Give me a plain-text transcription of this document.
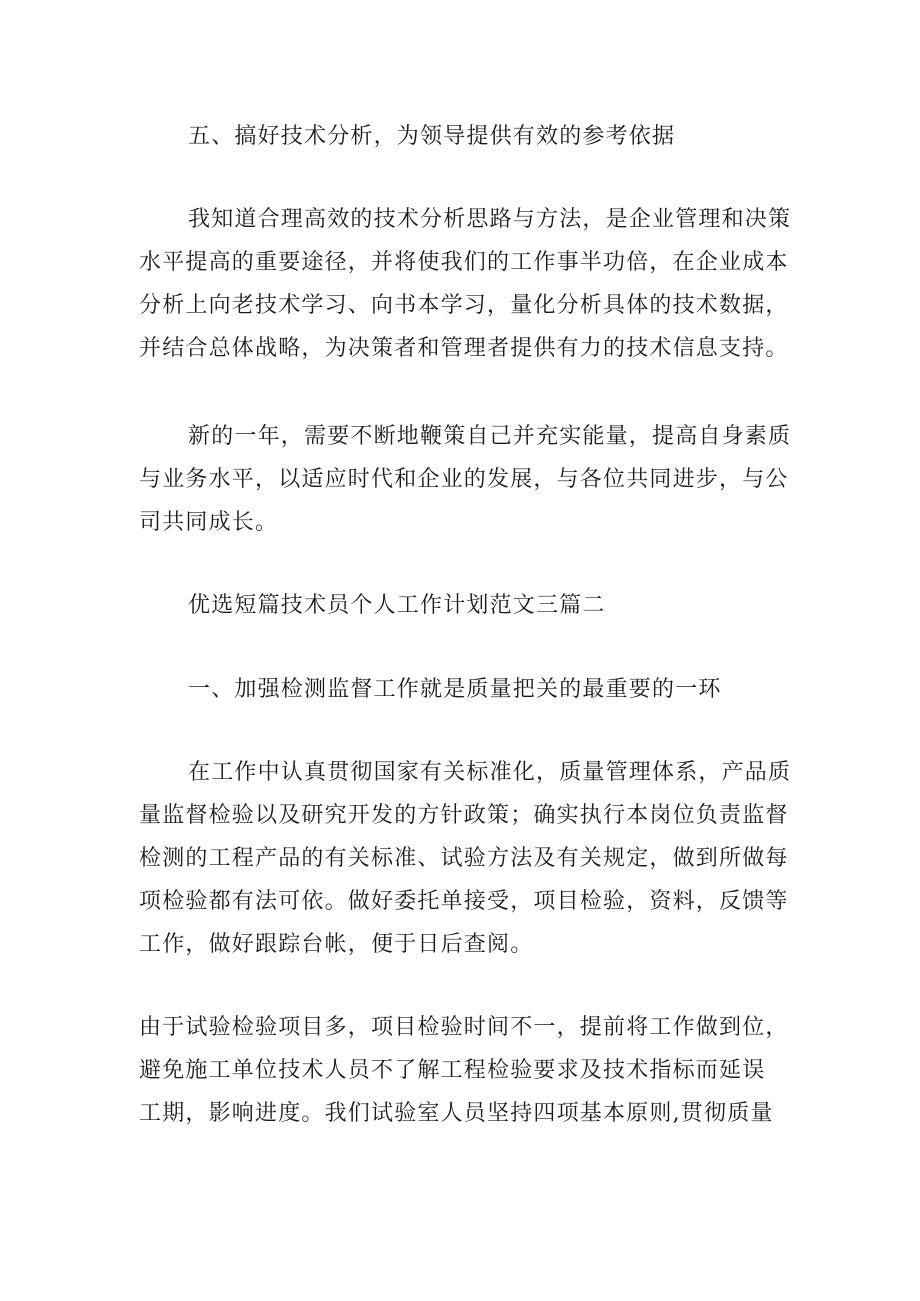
五、搞好技术分析，为领导提供有效的参考依据

我知道合理高效的技术分析思路与方法，是企业管理和决策
水平提高的重要途径，并将使我们的工作事半功倍，在企业成本
分析上向老技术学习、向书本学习，量化分析具体的技术数据，
并结合总体战略，为决策者和管理者提供有力的技术信息支持。

新的一年，需要不断地鞭策自己并充实能量，提高自身素质
与业务水平，以适应时代和企业的发展，与各位共同进步，与公
司共同成长。

优选短篇技术员个人工作计划范文三篇二

一、加强检测监督工作就是质量把关的最重要的一环

在工作中认真贯彻国家有关标准化，质量管理体系，产品质
量监督检验以及研究开发的方针政策；确实执行本岗位负责监督
检测的工程产品的有关标准、试验方法及有关规定，做到所做每
项检验都有法可依。做好委托单接受，项目检验，资料，反馈等
工作，做好跟踪台帐，便于日后查阅。

由于试验检验项目多，项目检验时间不一，提前将工作做到位，
避免施工单位技术人员不了解工程检验要求及技术指标而延误
工期，影响进度。我们试验室人员坚持四项基本原则,贯彻质量
